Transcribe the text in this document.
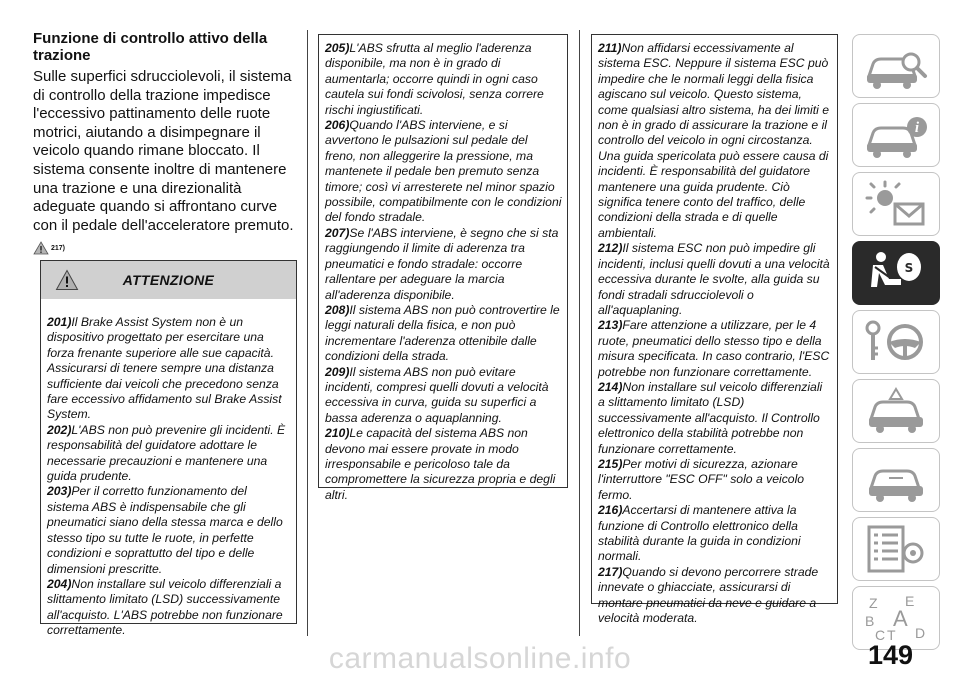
Funzione di controllo attivo della trazione

Sulle superfici sdrucciolevoli, il sistema di controllo della trazione impedisce l'eccessivo pattinamento delle ruote motrici, aiutando a disimpegnare il veicolo quando rimane bloccato. Il sistema consente inoltre di mantenere una trazione e una direzionalità adeguate quando si affrontano curve con il pedale dell'acceleratore premuto.

217)
ATTENZIONE
201)Il Brake Assist System non è un dispositivo progettato per esercitare una forza frenante superiore alle sue capacità. Assicurarsi di tenere sempre una distanza sufficiente dai veicoli che precedono senza fare eccessivo affidamento sul Brake Assist System.
202)L'ABS non può prevenire gli incidenti. È responsabilità del guidatore adottare le necessarie precauzioni e mantenere una guida prudente.
203)Per il corretto funzionamento del sistema ABS è indispensabile che gli pneumatici siano della stessa marca e dello stesso tipo su tutte le ruote, in perfette condizioni e soprattutto del tipo e delle dimensioni prescritte.
204)Non installare sul veicolo differenziali a slittamento limitato (LSD) successivamente all'acquisto. L'ABS potrebbe non funzionare correttamente.
205)L'ABS sfrutta al meglio l'aderenza disponibile, ma non è in grado di aumentarla; occorre quindi in ogni caso cautela sui fondi scivolosi, senza correre rischi ingiustificati.
206)Quando l'ABS interviene, e si avvertono le pulsazioni sul pedale del freno, non alleggerire la pressione, ma mantenete il pedale ben premuto senza timore; così vi arresterete nel minor spazio possibile, compatibilmente con le condizioni del fondo stradale.
207)Se l'ABS interviene, è segno che si sta raggiungendo il limite di aderenza tra pneumatici e fondo stradale: occorre rallentare per adeguare la marcia all'aderenza disponibile.
208)Il sistema ABS non può controvertire le leggi naturali della fisica, e non può incrementare l'aderenza ottenibile dalle condizioni della strada.
209)Il sistema ABS non può evitare incidenti, compresi quelli dovuti a velocità eccessiva in curva, guida su superfici a bassa aderenza o aquaplanning.
210)Le capacità del sistema ABS non devono mai essere provate in modo irresponsabile e pericoloso tale da compromettere la sicurezza propria e degli altri.
211)Non affidarsi eccessivamente al sistema ESC. Neppure il sistema ESC può impedire che le normali leggi della fisica agiscano sul veicolo. Questo sistema, come qualsiasi altro sistema, ha dei limiti e non è in grado di assicurare la trazione e il controllo del veicolo in ogni circostanza. Una guida spericolata può essere causa di incidenti. È responsabilità del guidatore mantenere una guida prudente. Ciò significa tenere conto del traffico, delle condizioni della strada e di quelle ambientali.
212)Il sistema ESC non può impedire gli incidenti, inclusi quelli dovuti a una velocità eccessiva durante le svolte, alla guida su fondi stradali sdrucciolevoli o all'aquaplaning.
213)Fare attenzione a utilizzare, per le 4 ruote, pneumatici dello stesso tipo e della misura specificata. In caso contrario, l'ESC potrebbe non funzionare correttamente.
214)Non installare sul veicolo differenziali a slittamento limitato (LSD) successivamente all'acquisto. Il Controllo elettronico della stabilità potrebbe non funzionare correttamente.
215)Per motivi di sicurezza, azionare l'interruttore "ESC OFF" solo a veicolo fermo.
216)Accertarsi di mantenere attiva la funzione di Controllo elettronico della stabilità durante la guida in condizioni normali.
217)Quando si devono percorrere strade innevate o ghiacciate, assicurarsi di montare pneumatici da neve e guidare a velocità moderata.
i
S
Z E
B A
C T D
149
carmanualsonline.info
